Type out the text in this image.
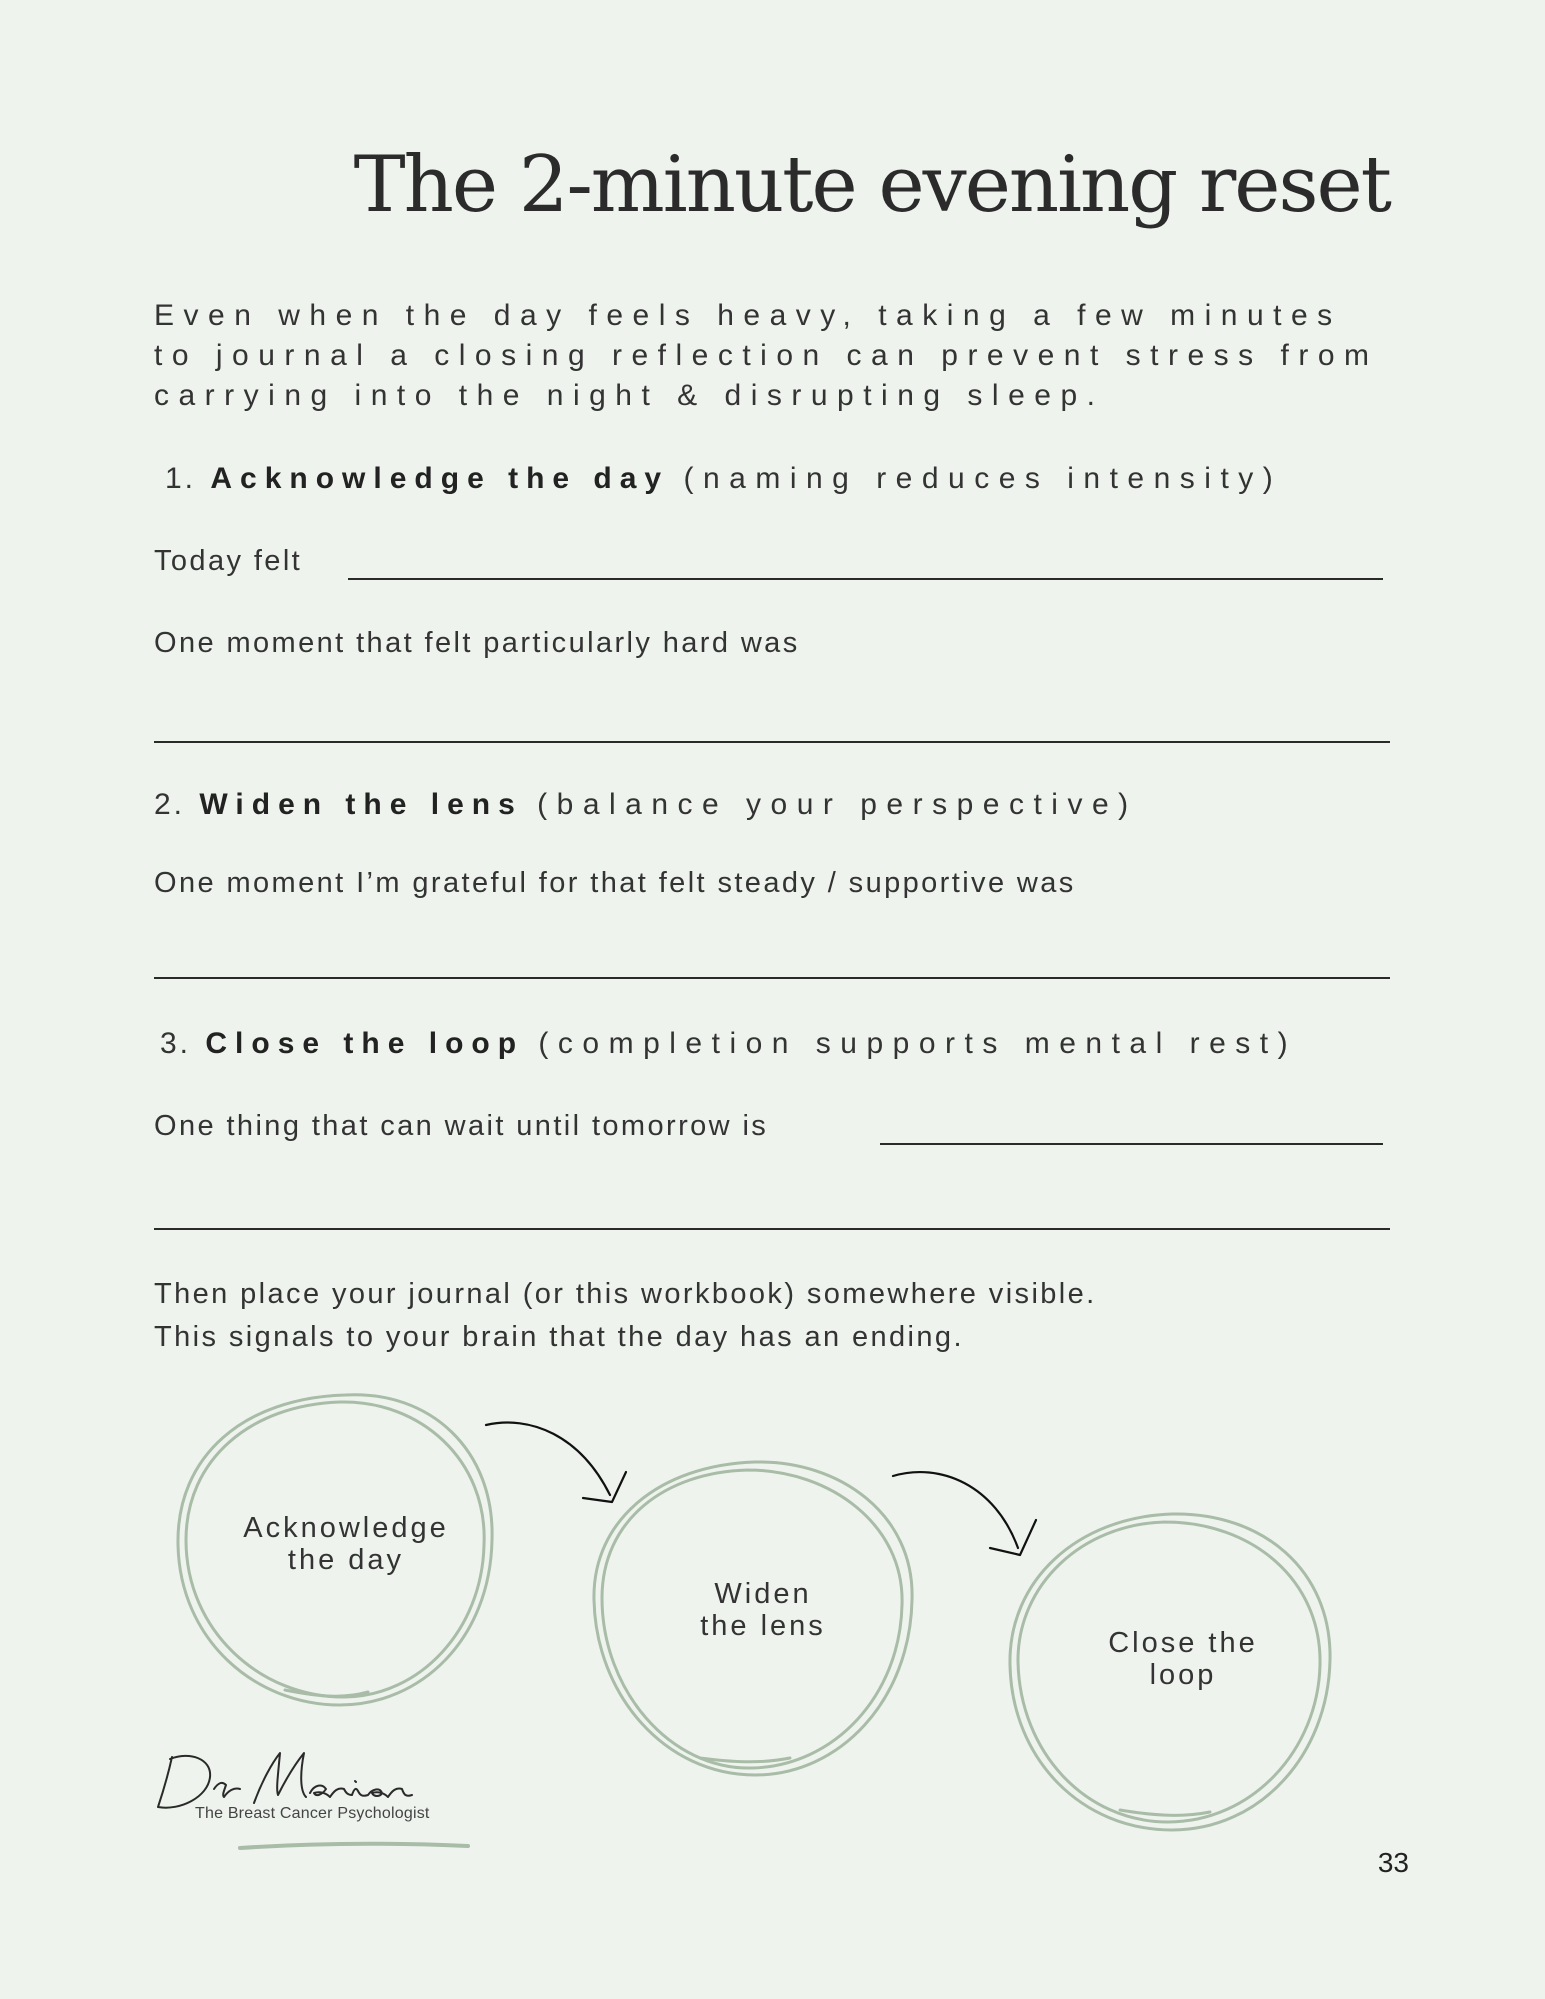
The 2-minute evening reset
Even when the day feels heavy, taking a few minutes
to journal a closing reflection can prevent stress from
carrying into the night & disrupting sleep.
1. Acknowledge the day (naming reduces intensity)
Today felt
One moment that felt particularly hard was
2. Widen the lens (balance your perspective)
One moment I’m grateful for that felt steady / supportive was
3. Close the loop (completion supports mental rest)
One thing that can wait until tomorrow is
Then place your journal (or this workbook) somewhere visible.
This signals to your brain that the day has an ending.
Acknowledge
the day
Widen
the lens
Close the
loop
The Breast Cancer Psychologist
33
